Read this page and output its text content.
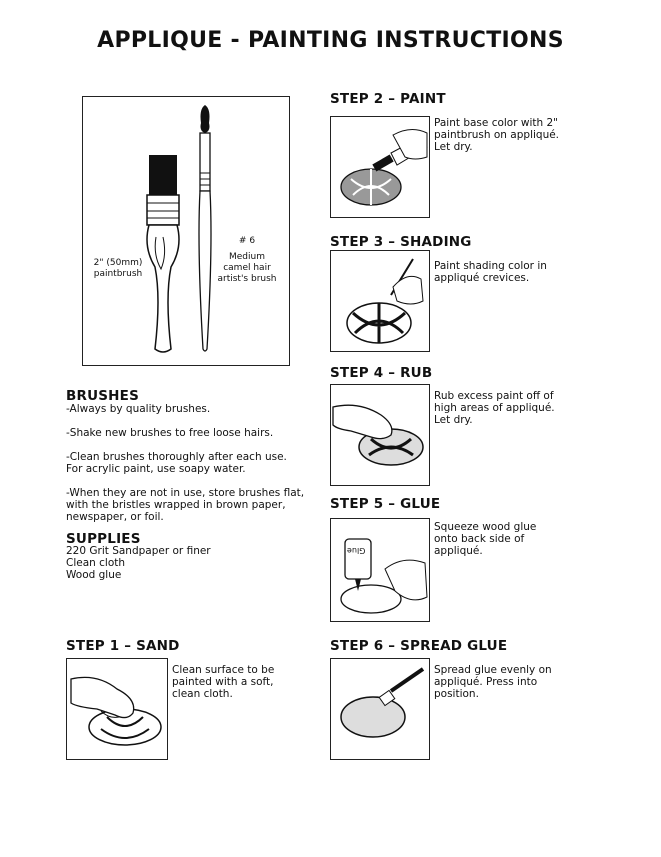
APPLIQUE - PAINTING INSTRUCTIONS
2" (50mm)
paintbrush
# 6
Medium
camel hair
artist's brush
BRUSHES

-Always by quality brushes.

-Shake new brushes to free loose hairs.

-Clean brushes thoroughly after each use.
For acrylic paint, use soapy water.

-When they are not in use, store brushes flat,
with the bristles wrapped in brown paper,
newspaper, or foil.

SUPPLIES
220 Grit Sandpaper or finer
Clean cloth
Wood glue
STEP 1 – SAND
Clean surface to be
painted with a soft,
clean cloth.
STEP 2 – PAINT
Paint base color with 2"
paintbrush on appliqué.
Let dry.
STEP 3 – SHADING
Paint shading color in
appliqué crevices.
STEP 4 – RUB
Rub excess paint off of
high areas of appliqué.
Let dry.
STEP 5 – GLUE
Glue
Squeeze wood glue
onto back side of
appliqué.
STEP 6 – SPREAD GLUE
Spread glue evenly on
appliqué. Press into
position.
